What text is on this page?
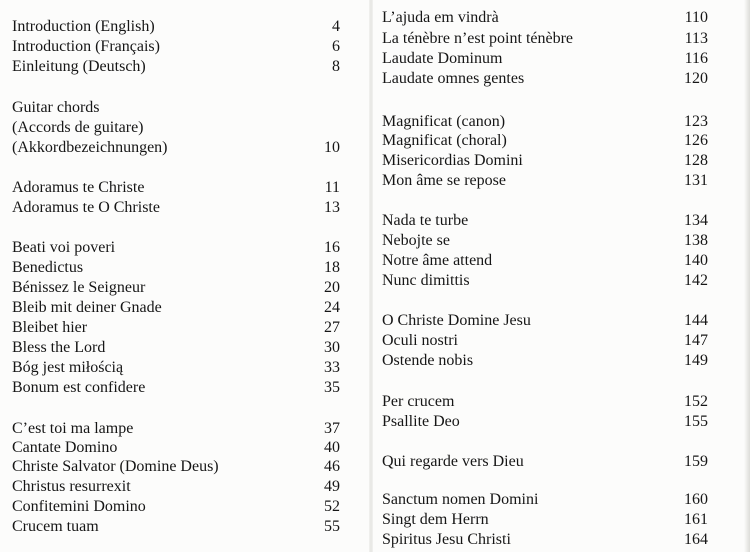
Introduction (English)	4
Introduction (Français)	6
Einleitung (Deutsch)	8
Guitar chords
(Accords de guitare)
(Akkordbezeichnungen)	10
Adoramus te Christe	11
Adoramus te O Christe	13
Beati voi poveri	16
Benedictus	18
Bénissez le Seigneur	20
Bleib mit deiner Gnade	24
Bleibet hier	27
Bless the Lord	30
Bóg jest miłością	33
Bonum est confidere	35
C’est toi ma lampe	37
Cantate Domino	40
Christe Salvator (Domine Deus)	46
Christus resurrexit	49
Confitemini Domino	52
Crucem tuam	55
L’ajuda em vindrà	110
La ténèbre n’est point ténèbre	113
Laudate Dominum	116
Laudate omnes gentes	120
Magnificat (canon)	123
Magnificat (choral)	126
Misericordias Domini	128
Mon âme se repose	131
Nada te turbe	134
Nebojte se	138
Notre âme attend	140
Nunc dimittis	142
O Christe Domine Jesu	144
Oculi nostri	147
Ostende nobis	149
Per crucem	152
Psallite Deo	155
Qui regarde vers Dieu	159
Sanctum nomen Domini	160
Singt dem Herrn	161
Spiritus Jesu Christi	164
